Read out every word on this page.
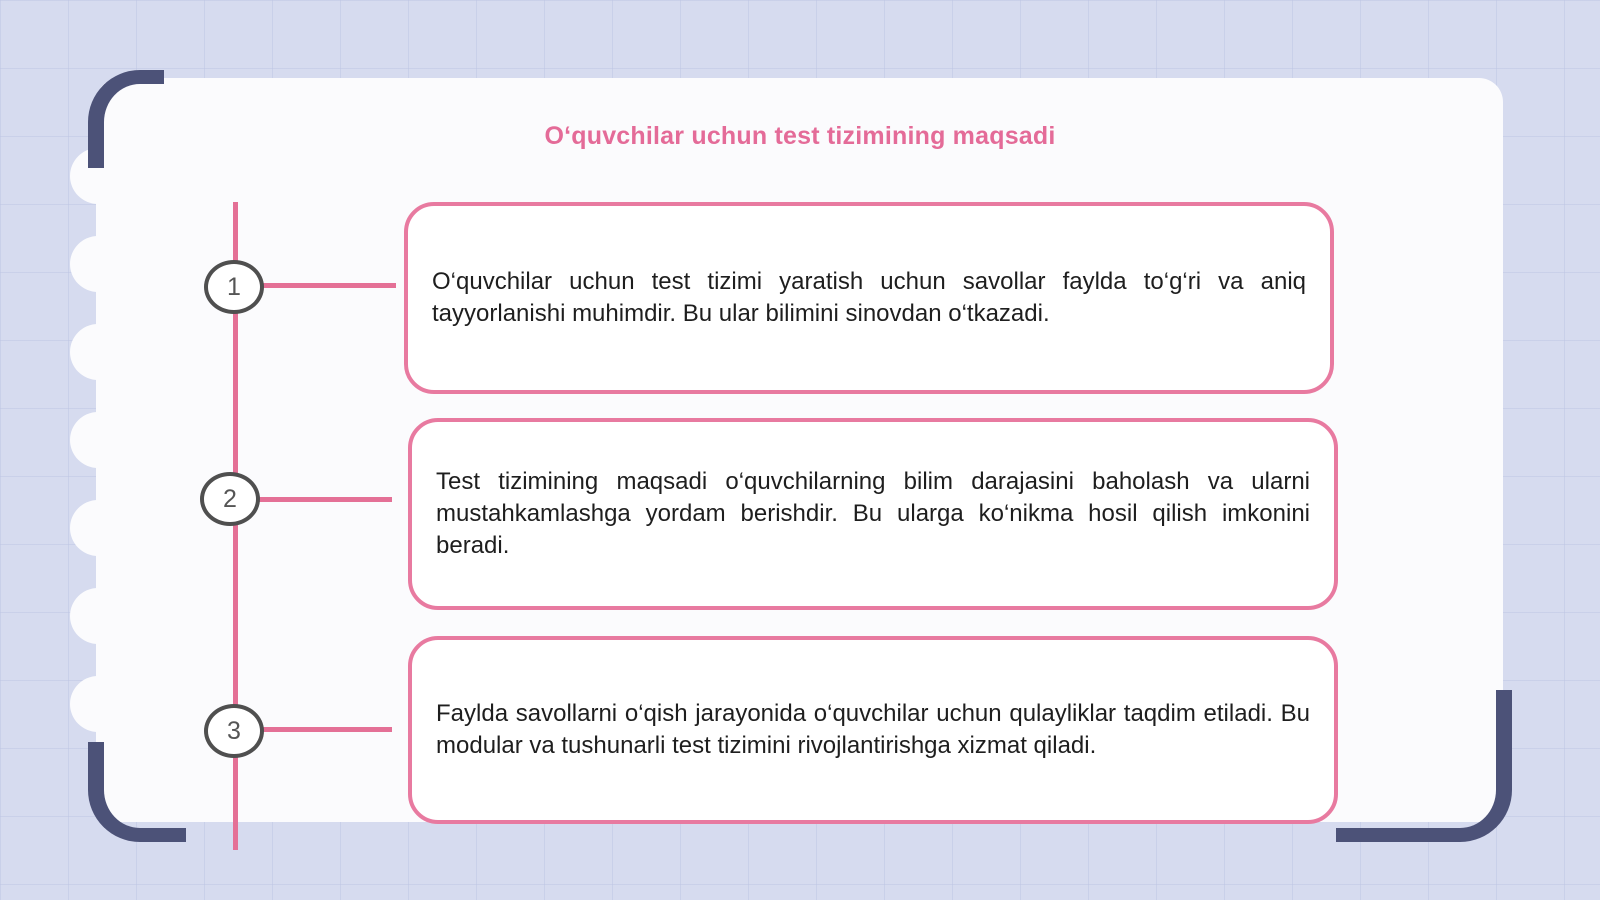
O‘quvchilar uchun test tizimining maqsadi
1
2
3

O‘quvchilar uchun test tizimi yaratish uchun savollar faylda to‘g‘ri va aniq tayyorlanishi muhimdir. Bu ular bilimini sinovdan o‘tkazadi.

Test tizimining maqsadi o‘quvchilarning bilim darajasini baholash va ularni mustahkamlashga yordam berishdir. Bu ularga ko‘nikma hosil qilish imkonini beradi.

Faylda savollarni o‘qish jarayonida o‘quvchilar uchun qulayliklar taqdim etiladi. Bu modular va tushunarli test tizimini rivojlantirishga xizmat qiladi.
